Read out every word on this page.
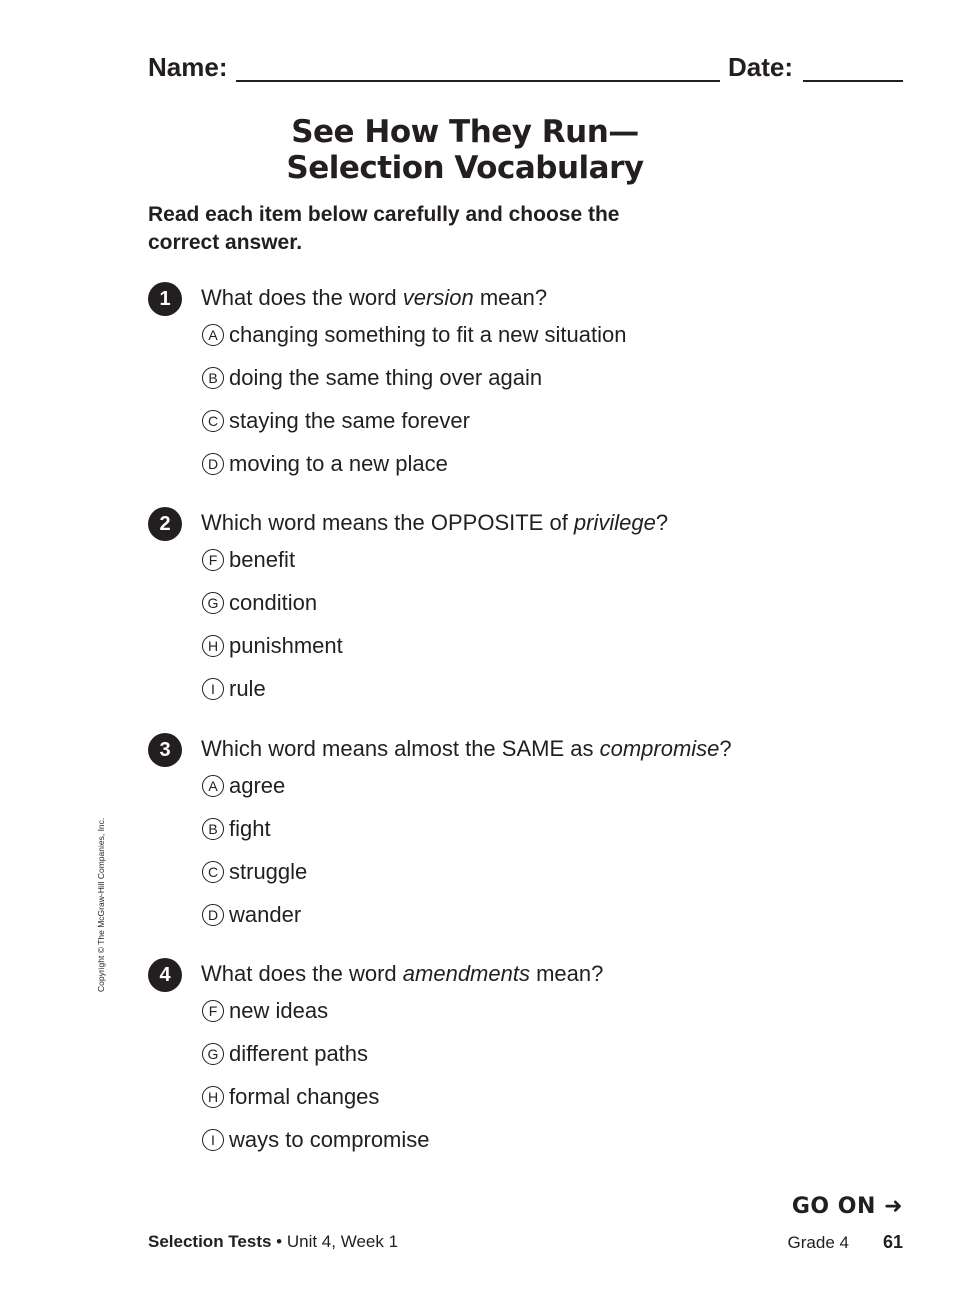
Name:	Date:
See How They Run—
Selection Vocabulary
Read each item below carefully and choose the
correct answer.
1	What does the word version mean?
A changing something to fit a new situation
B doing the same thing over again
C staying the same forever
D moving to a new place
2	Which word means the OPPOSITE of privilege?
F benefit
G condition
H punishment
I rule
3	Which word means almost the SAME as compromise?
A agree
B fight
C struggle
D wander
4	What does the word amendments mean?
F new ideas
G different paths
H formal changes
I ways to compromise
GO ON ➜
Selection Tests • Unit 4, Week 1	Grade 4 61
Copyright © The McGraw-Hill Companies, Inc.
